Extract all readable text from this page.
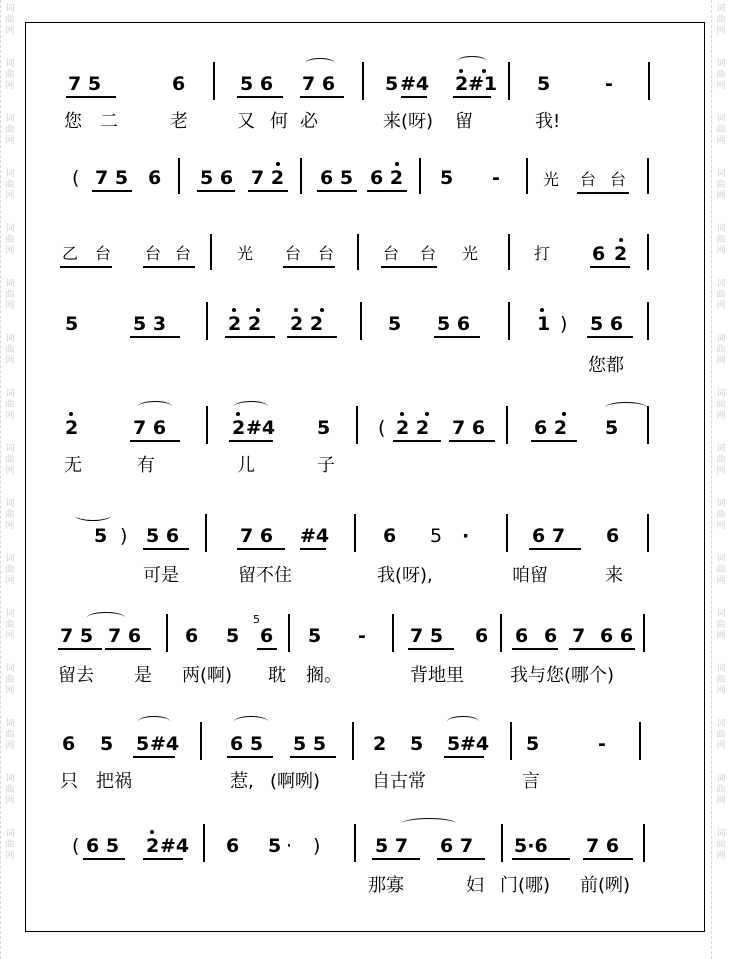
词
曲
网
词
曲
网
词
曲
网
词
曲
网
词
曲
网
词
曲
网
词
曲
网
词
曲
网
词
曲
网
词
曲
网
词
曲
网
词
曲
网
词
曲
网
词
曲
网
词
曲
网
词
曲
网
词
曲
网
词
曲
网
词
曲
网
词
曲
网
词
曲
网
词
曲
网
词
曲
网
词
曲
网
词
曲
网
词
曲
网
词
曲
网
词
曲
网
词
曲
网
词
曲
网
词
曲
网
词
曲
网
7 5	6	5 6 7 6	5 #4 2 #1 5	-
您 二	老	又 何 必	来(呀) 留	我!
( 7 5 6 5 6 7 2 6 5 6 2 5 -	光 台 台
乙 台 台 台	光 台 台	台 台 光	打 6 2
5	5 3	2 2 2 2	5 5 6	1 ) 5 6
您都
2	7 6	2 #4 5	( 2 2 7 6	6 2 5
无	有	儿	子
5 ) 5 6	7 6 #4	6 5 ·	6 7 6
可是	留不住	我(呀),	咱留	来
7 5 7 6 6 5 6
5
5 - 7 5 6 6 6 7 6 6
留去 是 两(啊) 耽 搁。	背地里	我与您(哪个)
6 5 5 #4	6 5 5 5 2 5 5 #4 5	-
只 把祸	惹, (啊咧)	自古常	言
( 6 5 2 #4 6 5 · )	5 7 6 7 5·6 7 6
那寡	妇 门(哪) 前(咧)
